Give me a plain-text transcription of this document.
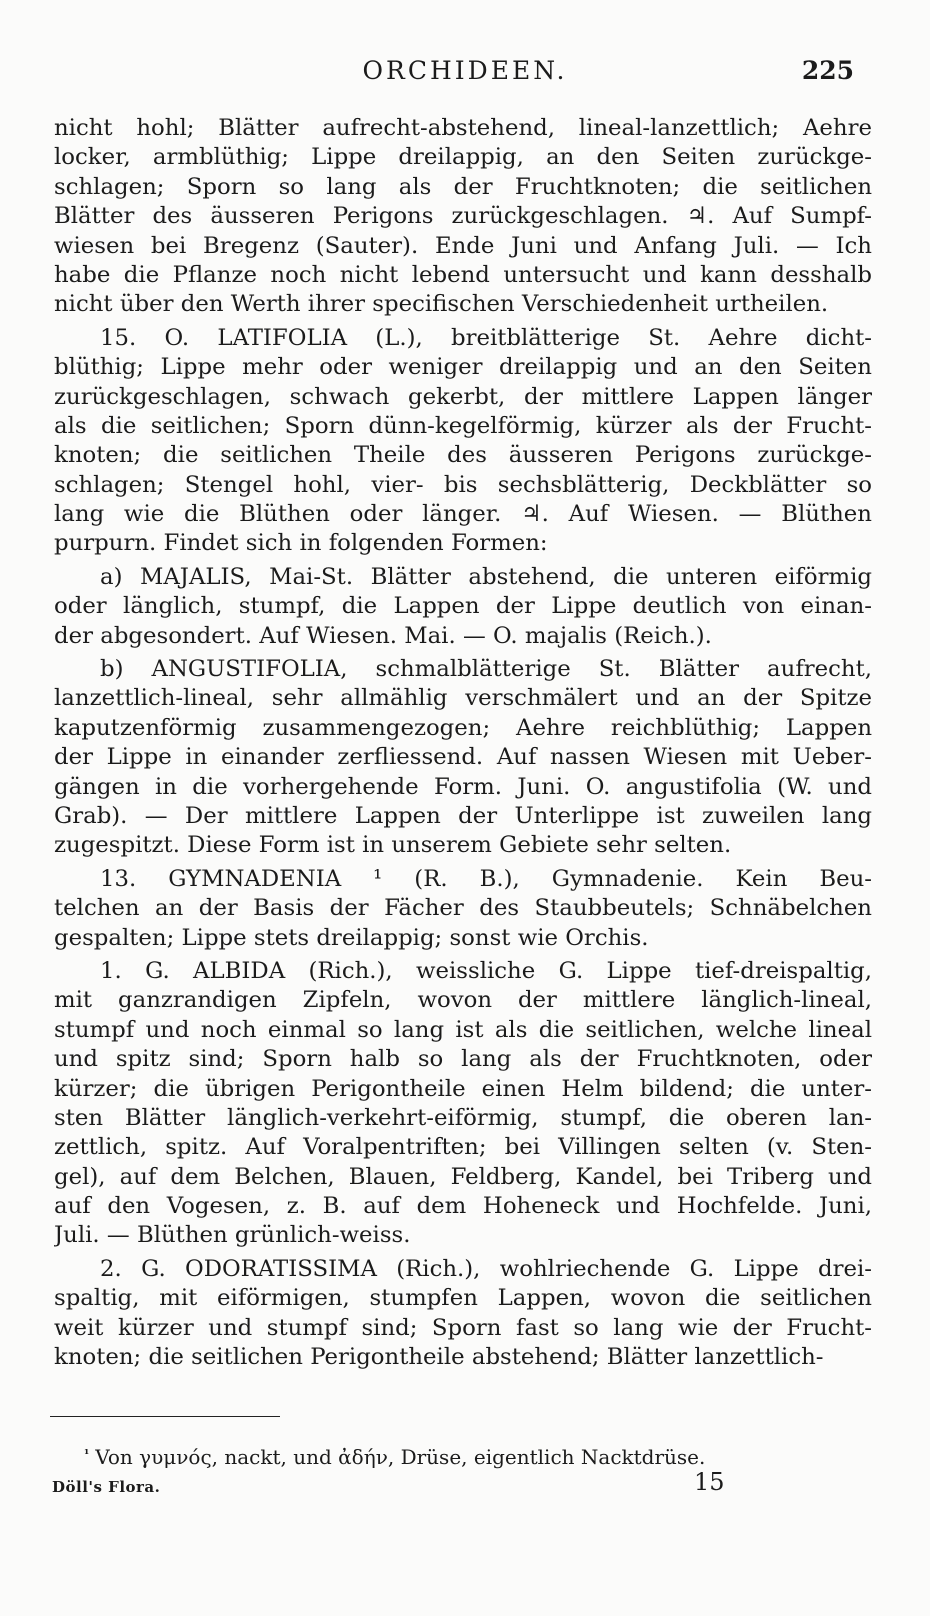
ORCHIDEEN.	225
nicht hohl; Blätter aufrecht-abstehend, lineal-lanzettlich; Aehre
locker, armblüthig; Lippe dreilappig, an den Seiten zurückge-
schlagen; Sporn so lang als der Fruchtknoten; die seitlichen
Blätter des äusseren Perigons zurückgeschlagen. ♃. Auf Sumpf-
wiesen bei Bregenz (Sauter). Ende Juni und Anfang Juli. — Ich
habe die Pflanze noch nicht lebend untersucht und kann desshalb
nicht über den Werth ihrer specifischen Verschiedenheit urtheilen.
15. O. LATIFOLIA (L.), breitblätterige St. Aehre dicht-
blüthig; Lippe mehr oder weniger dreilappig und an den Seiten
zurückgeschlagen, schwach gekerbt, der mittlere Lappen länger
als die seitlichen; Sporn dünn-kegelförmig, kürzer als der Frucht-
knoten; die seitlichen Theile des äusseren Perigons zurückge-
schlagen; Stengel hohl, vier- bis sechsblätterig, Deckblätter so
lang wie die Blüthen oder länger. ♃. Auf Wiesen. — Blüthen
purpurn. Findet sich in folgenden Formen:
a) MAJALIS, Mai-St. Blätter abstehend, die unteren eiförmig
oder länglich, stumpf, die Lappen der Lippe deutlich von einan-
der abgesondert. Auf Wiesen. Mai. — O. majalis (Reich.).
b) ANGUSTIFOLIA, schmalblätterige St. Blätter aufrecht,
lanzettlich-lineal, sehr allmählig verschmälert und an der Spitze
kaputzenförmig zusammengezogen; Aehre reichblüthig; Lappen
der Lippe in einander zerfliessend. Auf nassen Wiesen mit Ueber-
gängen in die vorhergehende Form. Juni. O. angustifolia (W. und
Grab). — Der mittlere Lappen der Unterlippe ist zuweilen lang
zugespitzt. Diese Form ist in unserem Gebiete sehr selten.
13. GYMNADENIA ¹ (R. B.), Gymnadenie. Kein Beu-
telchen an der Basis der Fächer des Staubbeutels; Schnäbelchen
gespalten; Lippe stets dreilappig; sonst wie Orchis.
1. G. ALBIDA (Rich.), weissliche G. Lippe tief-dreispaltig,
mit ganzrandigen Zipfeln, wovon der mittlere länglich-lineal,
stumpf und noch einmal so lang ist als die seitlichen, welche lineal
und spitz sind; Sporn halb so lang als der Fruchtknoten, oder
kürzer; die übrigen Perigontheile einen Helm bildend; die unter-
sten Blätter länglich-verkehrt-eiförmig, stumpf, die oberen lan-
zettlich, spitz. Auf Voralpentriften; bei Villingen selten (v. Sten-
gel), auf dem Belchen, Blauen, Feldberg, Kandel, bei Triberg und
auf den Vogesen, z. B. auf dem Hoheneck und Hochfelde. Juni,
Juli. — Blüthen grünlich-weiss.
2. G. ODORATISSIMA (Rich.), wohlriechende G. Lippe drei-
spaltig, mit eiförmigen, stumpfen Lappen, wovon die seitlichen
weit kürzer und stumpf sind; Sporn fast so lang wie der Frucht-
knoten; die seitlichen Perigontheile abstehend; Blätter lanzettlich-
$^{^1}$ Von γυμνός, nackt, und ἀδήν, Drüse, eigentlich Nacktdrüse.
Döll's Flora.	15
